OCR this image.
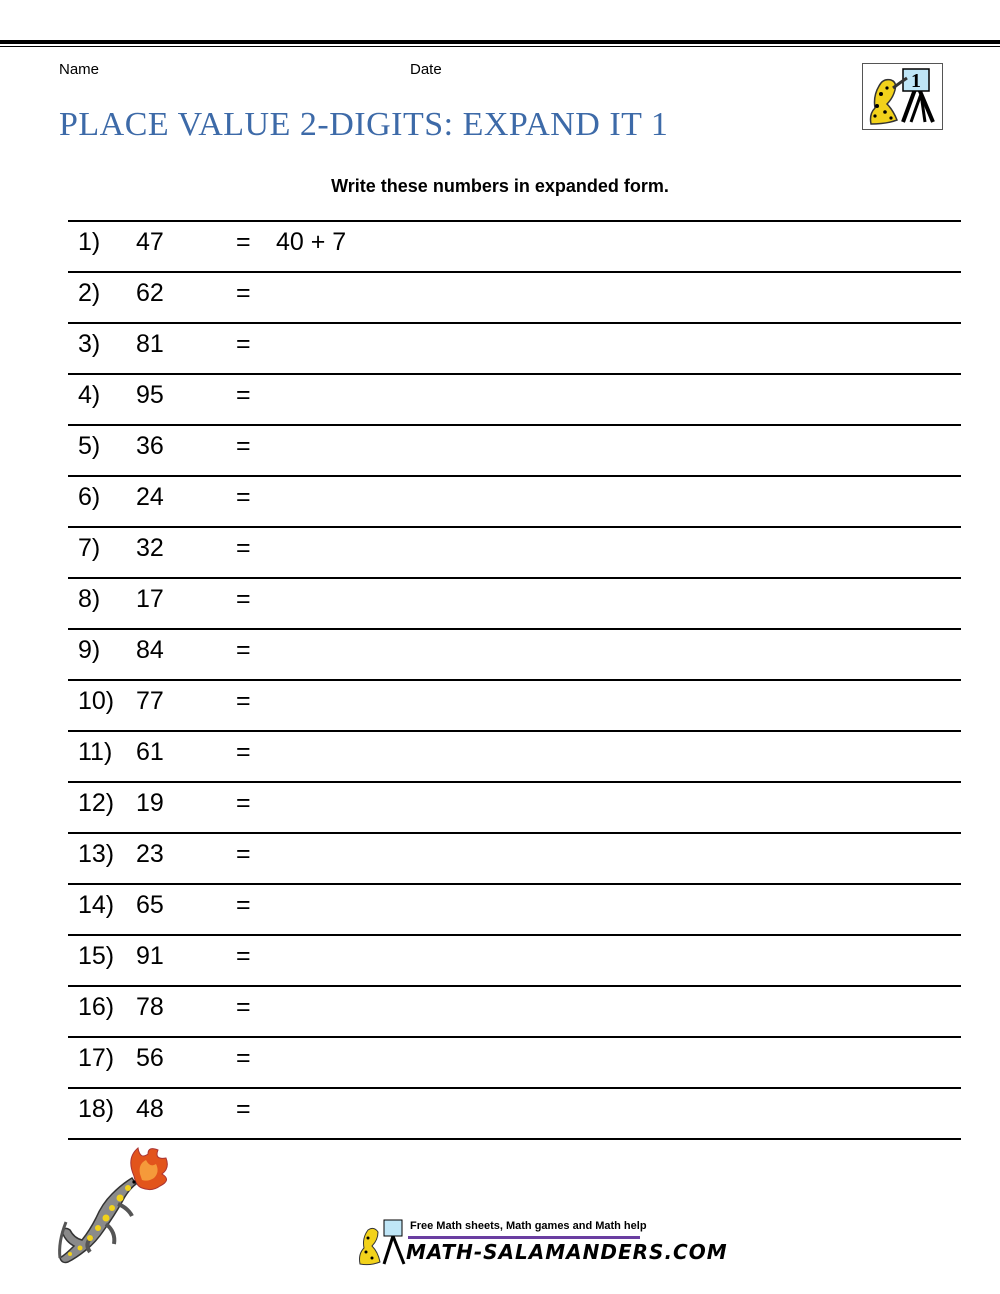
Name	Date
PLACE VALUE 2-DIGITS: EXPAND IT 1
1
Write these numbers in expanded form.
1) 47	= 40 + 7
2) 62	=
3) 81	=
4) 95	=
5) 36	=
6) 24	=
7) 32	=
8) 17	=
9) 84	=
10) 77	=
11) 61	=
12) 19	=
13) 23	=
14) 65	=
15) 91	=
16) 78	=
17) 56	=
18) 48	=
Free Math sheets, Math games and Math help
MATH-SALAMANDERS.COM
